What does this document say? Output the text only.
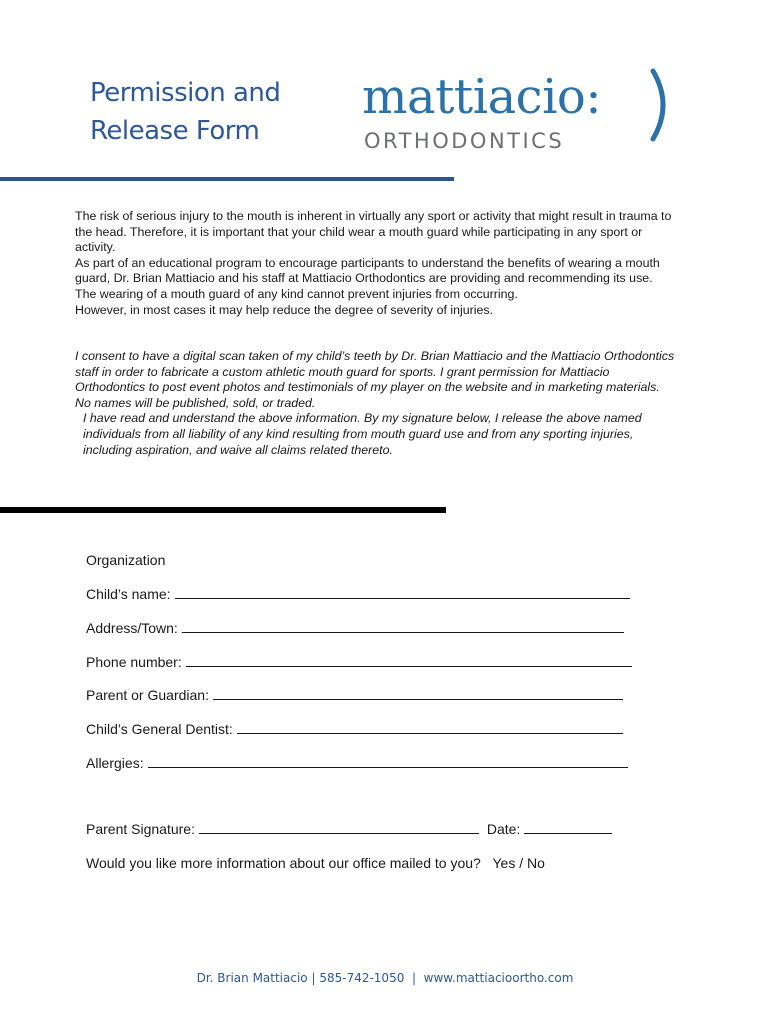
Permission and
Release Form
mattiacio:
ORTHODONTICS

The risk of serious injury to the mouth is inherent in virtually any sport or activity that might result in trauma to the head. Therefore, it is important that your child wear a mouth guard while participating in any sport or activity.

As part of an educational program to encourage participants to understand the benefits of wearing a mouth guard, Dr. Brian Mattiacio and his staff at Mattiacio Orthodontics are providing and recommending its use.

The wearing of a mouth guard of any kind cannot prevent injuries from occurring.

However, in most cases it may help reduce the degree of severity of injuries.

I consent to have a digital scan taken of my child’s teeth by Dr. Brian Mattiacio and the Mattiacio Orthodontics staff in order to fabricate a custom athletic mouth guard for sports. I grant permission for Mattiacio Orthodontics to post event photos and testimonials of my player on the website and in marketing materials. No names will be published, sold, or traded.

I have read and understand the above information. By my signature below, I release the above named individuals from all liability of any kind resulting from mouth guard use and from any sporting injuries, including aspiration, and waive all claims related thereto.

Organization
Child’s name:
Address/Town:
Phone number:
Parent or Guardian:
Child’s General Dentist:
Allergies:
Parent Signature:	Date:
Would you like more information about our office mailed to you? Yes / No
Dr. Brian Mattiacio | 585-742-1050  |  www.mattiacioortho.com
